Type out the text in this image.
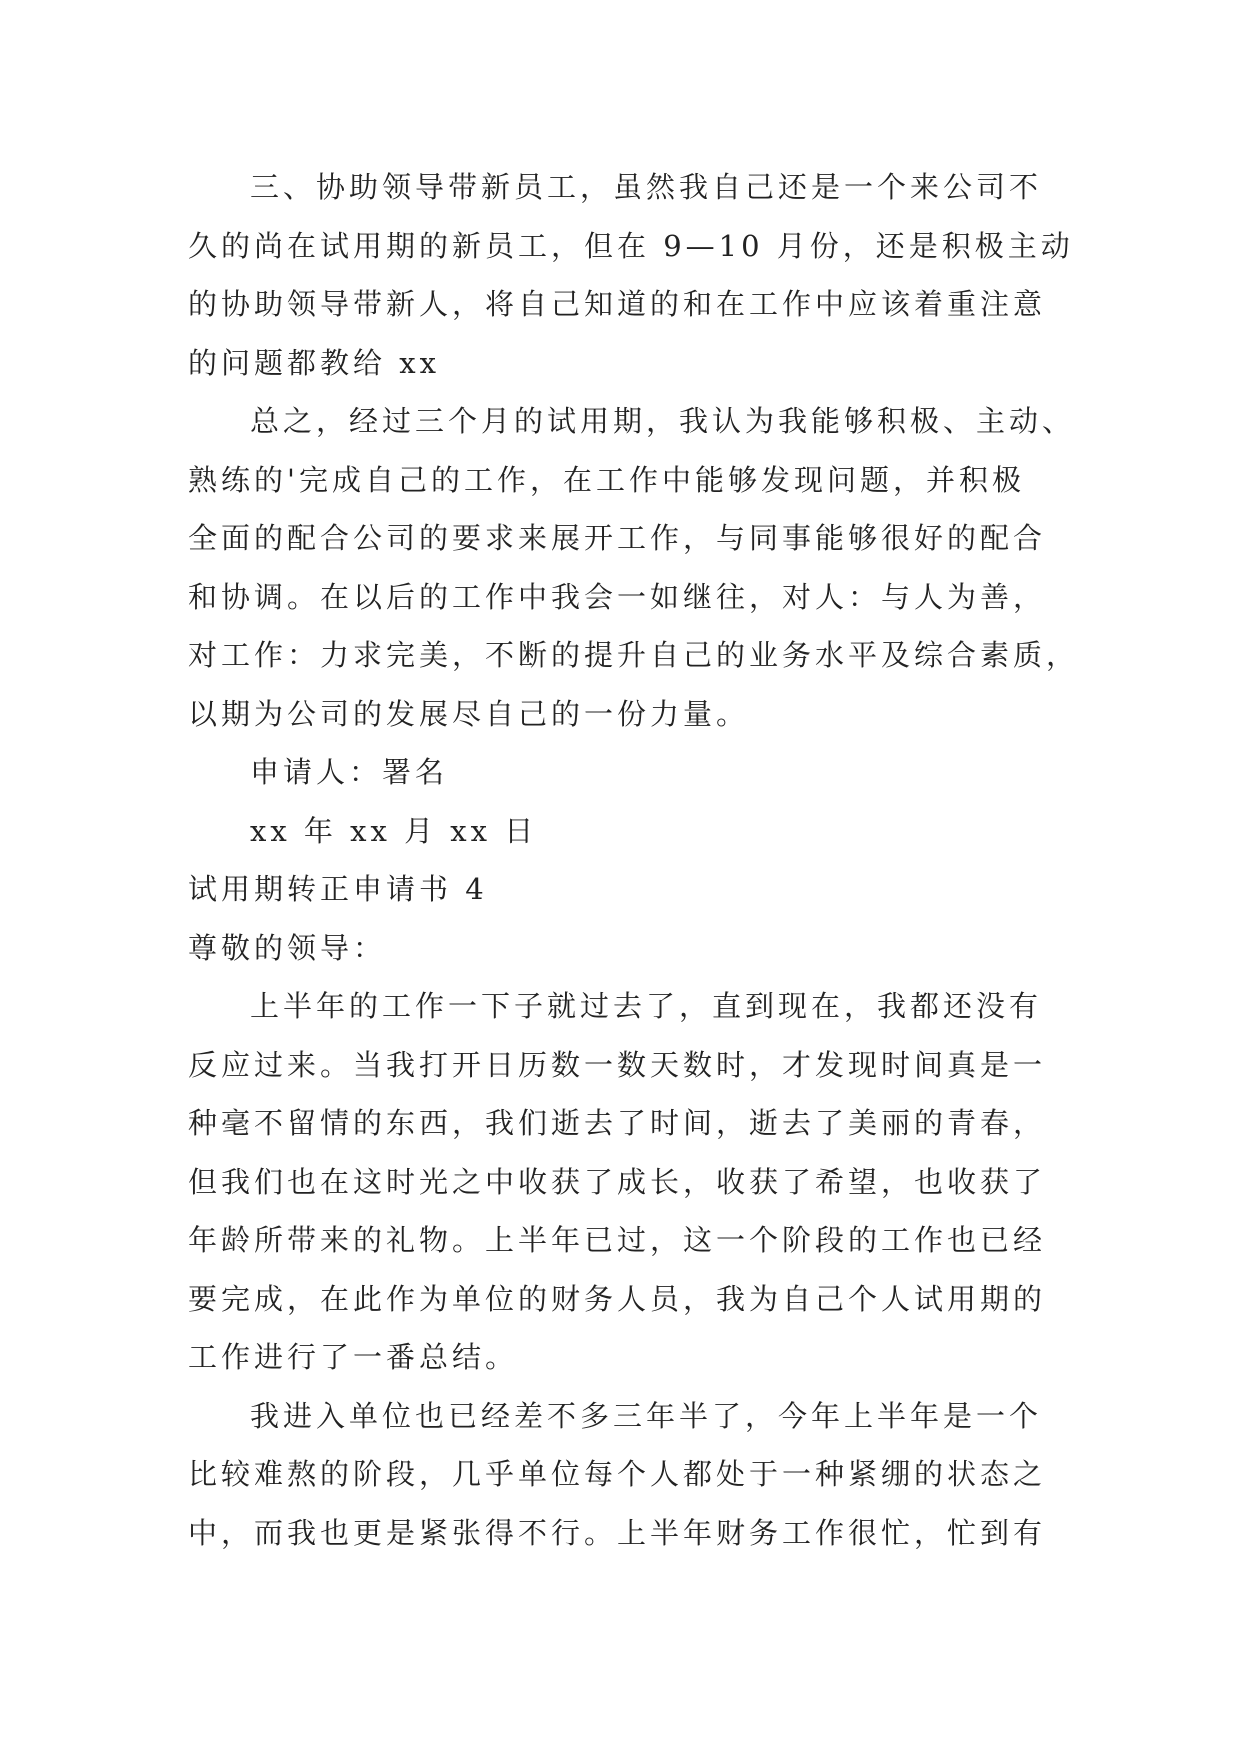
三、协助领导带新员工，虽然我自己还是一个来公司不
久的尚在试用期的新员工，但在 9—10 月份，还是积极主动
的协助领导带新人，将自己知道的和在工作中应该着重注意
的问题都教给 xx
总之，经过三个月的试用期，我认为我能够积极、主动、
熟练的'完成自己的工作，在工作中能够发现问题，并积极
全面的配合公司的要求来展开工作，与同事能够很好的配合
和协调。在以后的工作中我会一如继往，对人：与人为善，
对工作：力求完美，不断的提升自己的业务水平及综合素质，
以期为公司的发展尽自己的一份力量。
申请人：署名
xx 年 xx 月 xx 日
试用期转正申请书 4
尊敬的领导：
上半年的工作一下子就过去了，直到现在，我都还没有
反应过来。当我打开日历数一数天数时，才发现时间真是一
种毫不留情的东西，我们逝去了时间，逝去了美丽的青春，
但我们也在这时光之中收获了成长，收获了希望，也收获了
年龄所带来的礼物。上半年已过，这一个阶段的工作也已经
要完成，在此作为单位的财务人员，我为自己个人试用期的
工作进行了一番总结。
我进入单位也已经差不多三年半了，今年上半年是一个
比较难熬的阶段，几乎单位每个人都处于一种紧绷的状态之
中，而我也更是紧张得不行。上半年财务工作很忙，忙到有
